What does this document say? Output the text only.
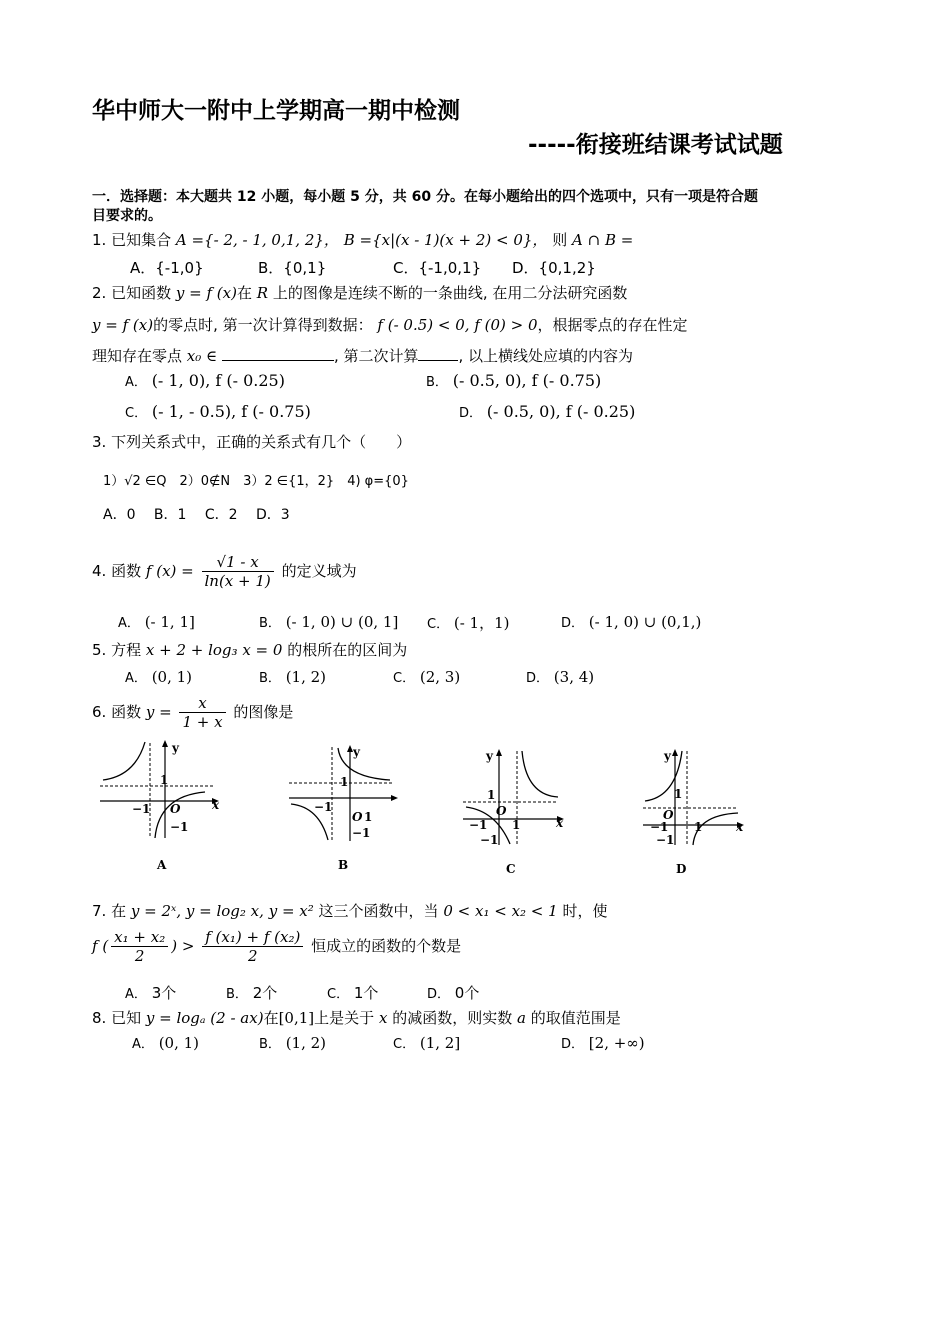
华中师大一附中上学期高一期中检测
-----衔接班结课考试试题
一．选择题：本大题共 12 小题，每小题 5 分，共 60 分。在每小题给出的四个选项中，只有一项是符合题
目要求的。
1. 已知集合 A ={- 2, - 1, 0,1, 2}， B ={x|(x - 1)(x + 2) < 0}， 则 A ∩ B =
A．{-1,0}	B．{0,1}	C．{-1,0,1} D．{0,1,2}
2. 已知函数 y = f (x)在 R 上的图像是连续不断的一条曲线, 在用二分法研究函数
y = f (x)的零点时, 第一次计算得到数据： f (- 0.5) < 0, f (0) > 0，根据零点的存在性定
理知存在零点 x₀ ∈	, 第二次计算	, 以上横线处应填的内容为
A． (- 1, 0), f (- 0.25)	B． (- 0.5, 0), f (- 0.75)
C． (- 1, - 0.5), f (- 0.75)	D． (- 0.5, 0), f (- 0.25)
3. 下列关系式中，正确的关系式有几个（　　）
1）√2 ∈Q　2）0∉N　3）2 ∈{1，2}　4) φ={0}
A．0　 B．1　 C．2　 D．3
4. 函数 f $(x) = \frac{√1 - x}{\ln(x + 1)}$ 的定义域为
A． (- 1, 1]	B． (- 1, 0) ∪ (0, 1] C． (- 1，1)	D． (- 1, 0) ∪ (0,1,)
5. 方程 x + 2 + log₃ x = 0 的根所在的区间为
A． (0, 1)	B． (1, 2)	C． (2, 3)	D． (3, 4)
6. 函数 $y = \frac{x}{1 + x}$ 的图像是
y
1
−1 O	x
−1
A
y
1
−1
O 1
−1
B
y
1
O
−1 1	x
−1
C
y
1
O
−1 1	x
−1
D
7. 在 y = 2ˣ, y = log₂ x, y = x² 这三个函数中，当 0 < x₁ < x₂ < 1 时，使
f ( $\frac{\text{x₁ + x₂}}{2}$ ) > $\frac{\text{f (x₁) + f (x₂)}}{2}$ 恒成立的函数的个数是
A． 3个	B． 2个	C． 1个	D． 0个
8. 已知 y = logₐ (2 - ax)在[0,1]上是关于 x 的减函数，则实数 a 的取值范围是
A． (0, 1)	B． (1, 2)	C． (1, 2]	D． [2, +∞)
